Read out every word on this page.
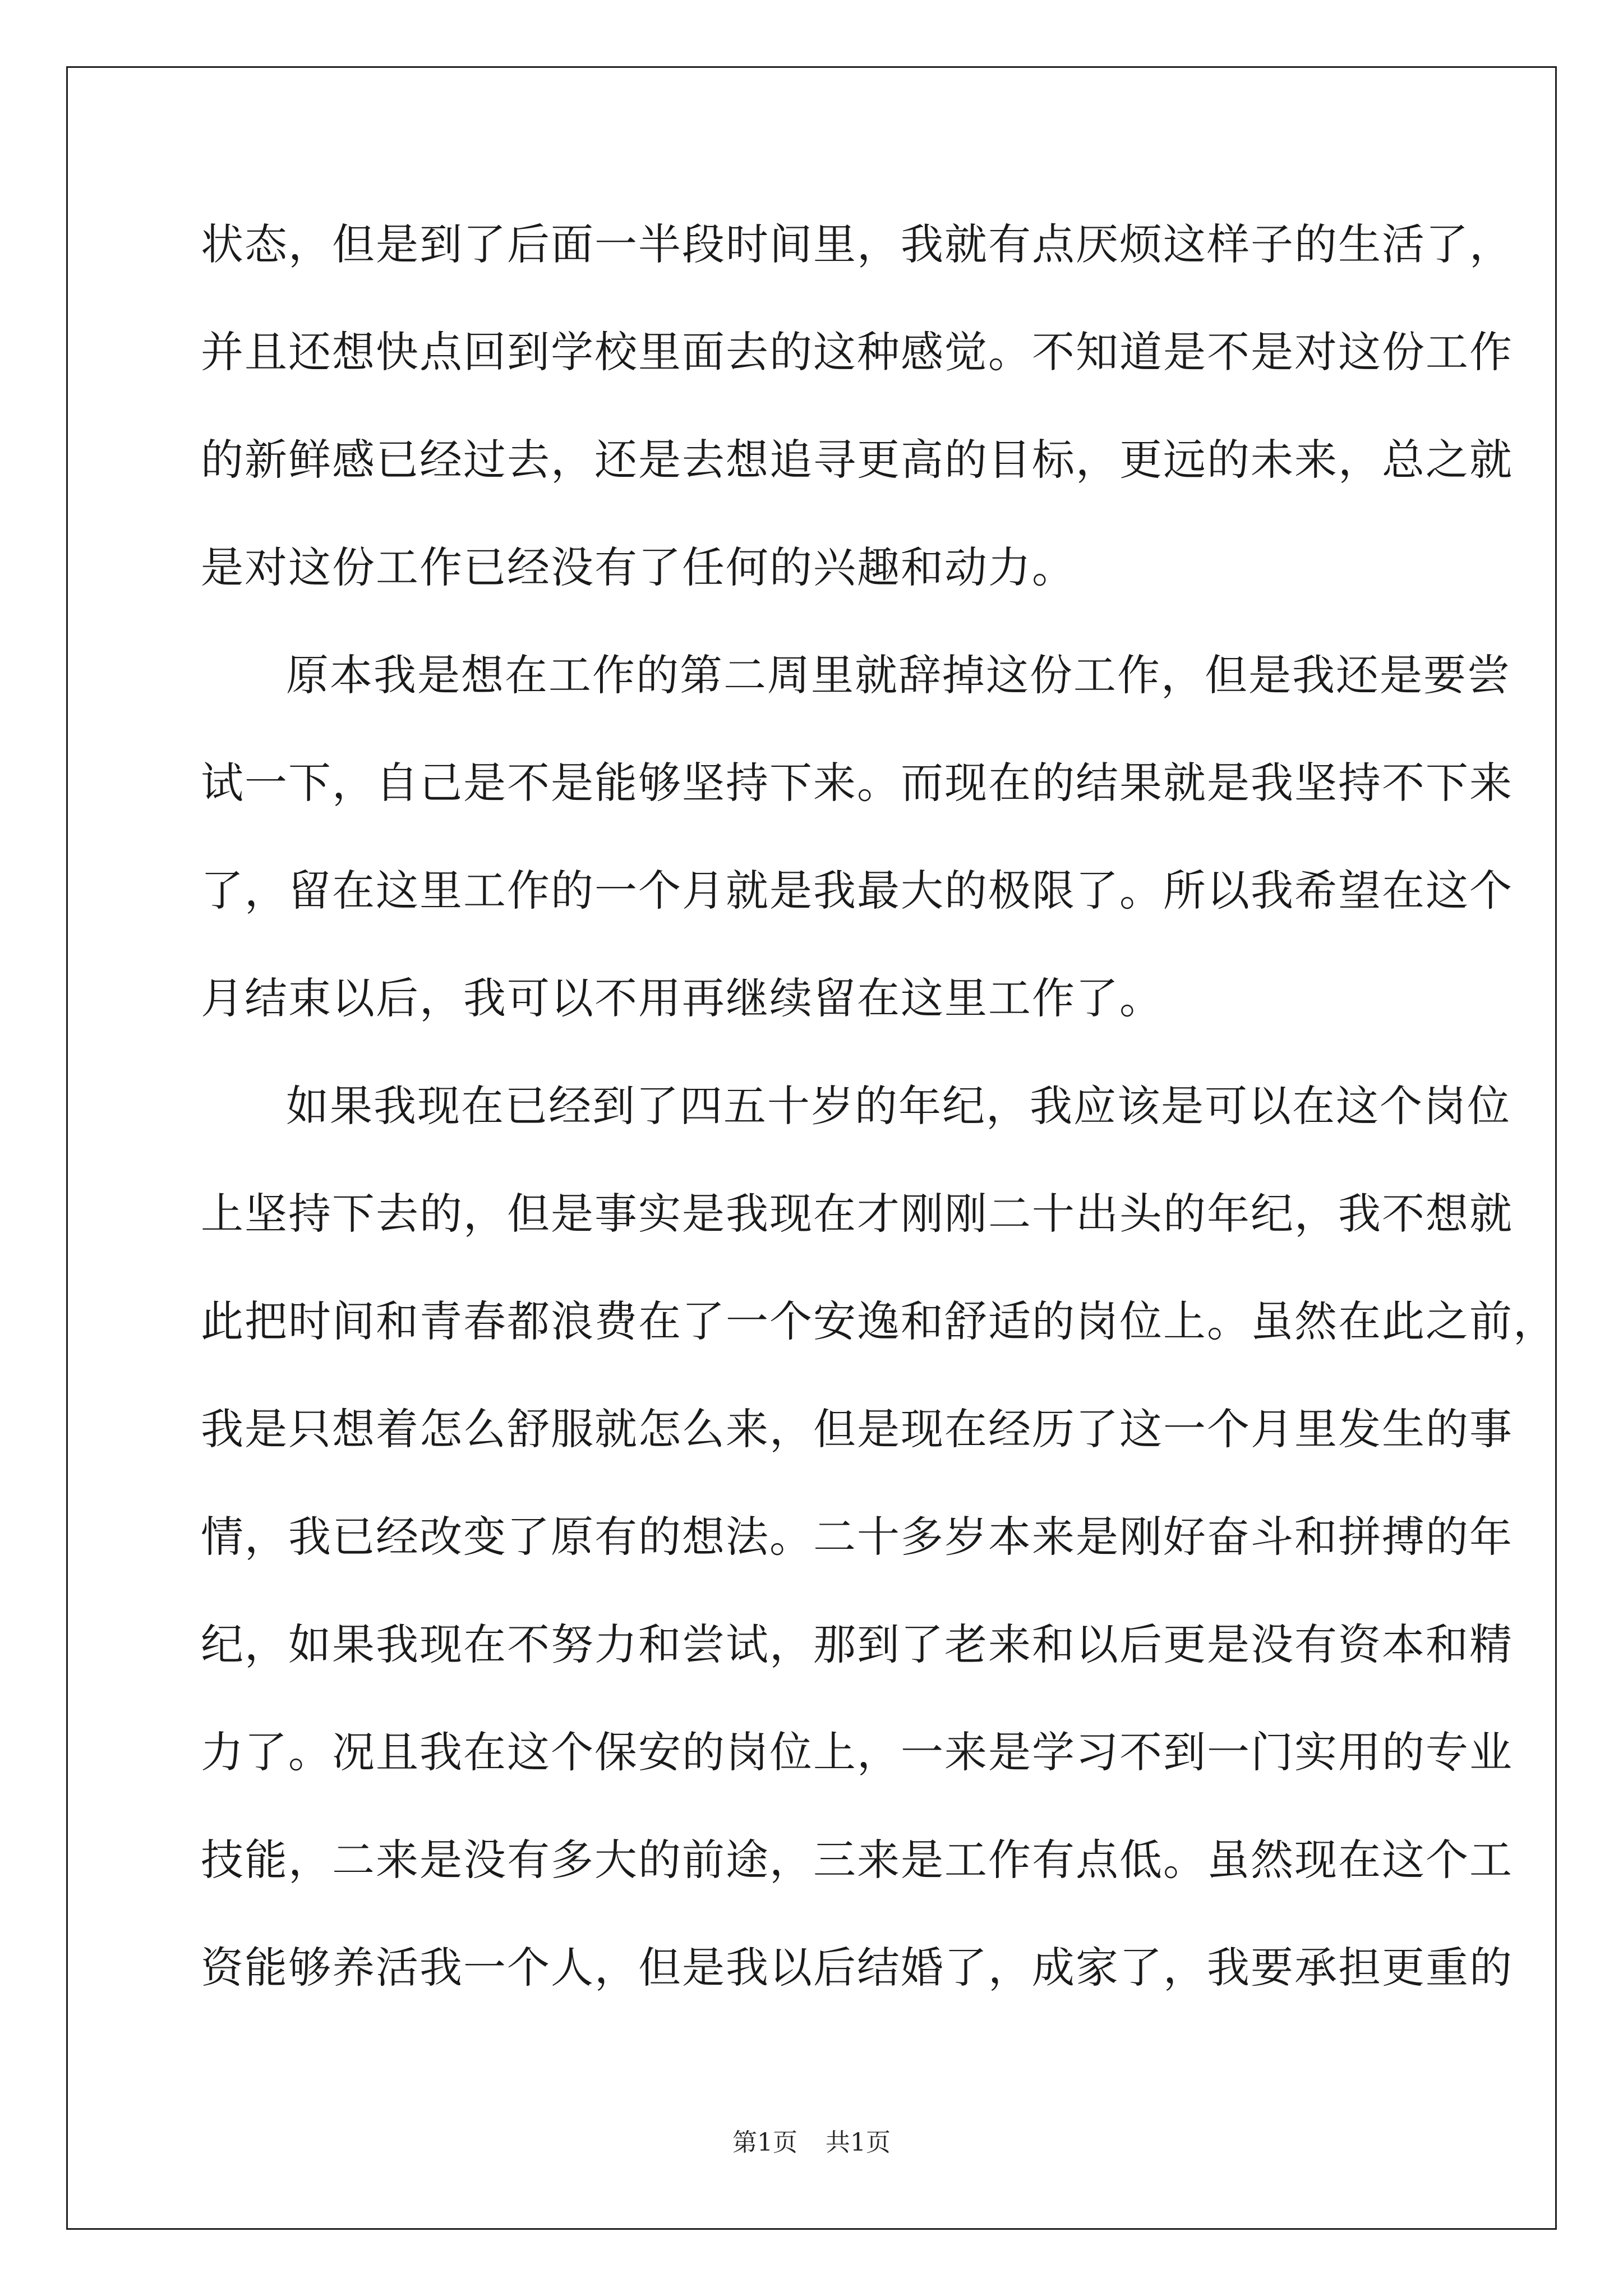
状态，但是到了后面一半段时间里，我就有点厌烦这样子的生活了，
并且还想快点回到学校里面去的这种感觉。不知道是不是对这份工作
的新鲜感已经过去，还是去想追寻更高的目标，更远的未来，总之就
是对这份工作已经没有了任何的兴趣和动力。
原本我是想在工作的第二周里就辞掉这份工作，但是我还是要尝
试一下，自己是不是能够坚持下来。而现在的结果就是我坚持不下来
了，留在这里工作的一个月就是我最大的极限了。所以我希望在这个
月结束以后，我可以不用再继续留在这里工作了。
如果我现在已经到了四五十岁的年纪，我应该是可以在这个岗位
上坚持下去的，但是事实是我现在才刚刚二十出头的年纪，我不想就
此把时间和青春都浪费在了一个安逸和舒适的岗位上。虽然在此之前，
我是只想着怎么舒服就怎么来，但是现在经历了这一个月里发生的事
情，我已经改变了原有的想法。二十多岁本来是刚好奋斗和拼搏的年
纪，如果我现在不努力和尝试，那到了老来和以后更是没有资本和精
力了。况且我在这个保安的岗位上，一来是学习不到一门实用的专业
技能，二来是没有多大的前途，三来是工作有点低。虽然现在这个工
资能够养活我一个人，但是我以后结婚了，成家了，我要承担更重的
第1页 共1页
